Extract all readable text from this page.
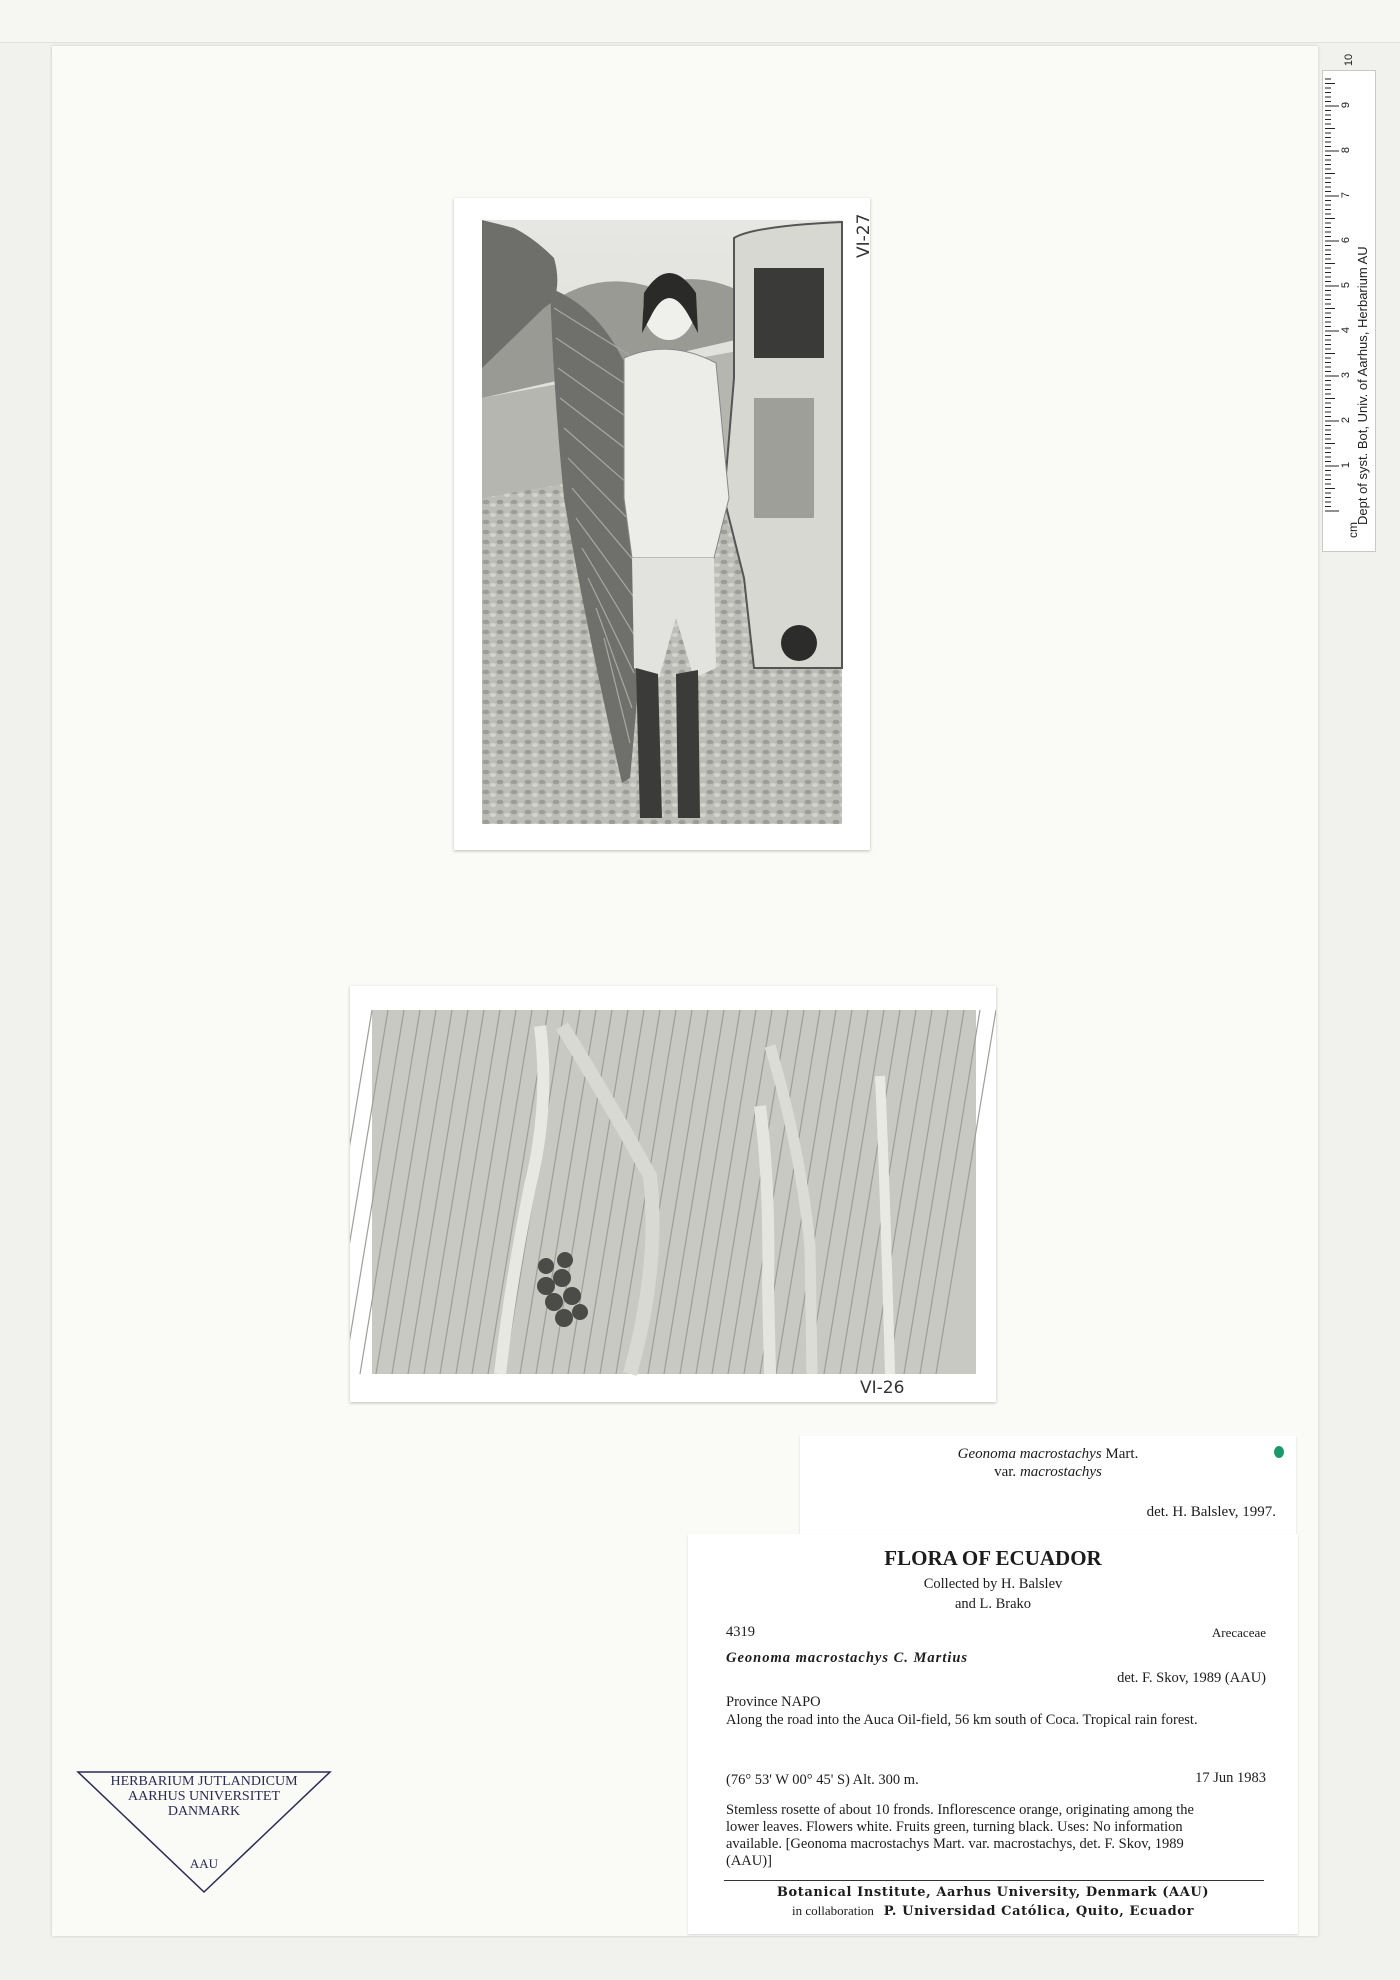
1
2
3
4
5
6
7
8
9
10
cm
Dept of syst. Bot, Univ. of Aarhus, Herbarium AU
VI-27
VI-26
Geonoma macrostachys Mart.
var. macrostachys
det. H. Balslev, 1997.
FLORA OF ECUADOR
Collected by H. Balslev
and L. Brako
4319	Arecaceae
Geonoma macrostachys C. Martius
det. F. Skov, 1989 (AAU)
Province NAPO
Along the road into the Auca Oil-field, 56 km south of Coca. Tropical rain forest.
(76° 53' W 00° 45' S) Alt. 300 m.	17 Jun 1983
Stemless rosette of about 10 fronds. Inflorescence orange, originating among the
lower leaves. Flowers white. Fruits green, turning black. Uses: No information
available. [Geonoma macrostachys Mart. var. macrostachys, det. F. Skov, 1989
(AAU)]
Botanical Institute, Aarhus University, Denmark (AAU)
in collaboration P. Universidad Católica, Quito, Ecuador
HERBARIUM JUTLANDICUM
AARHUS UNIVERSITET
DANMARK
AAU
